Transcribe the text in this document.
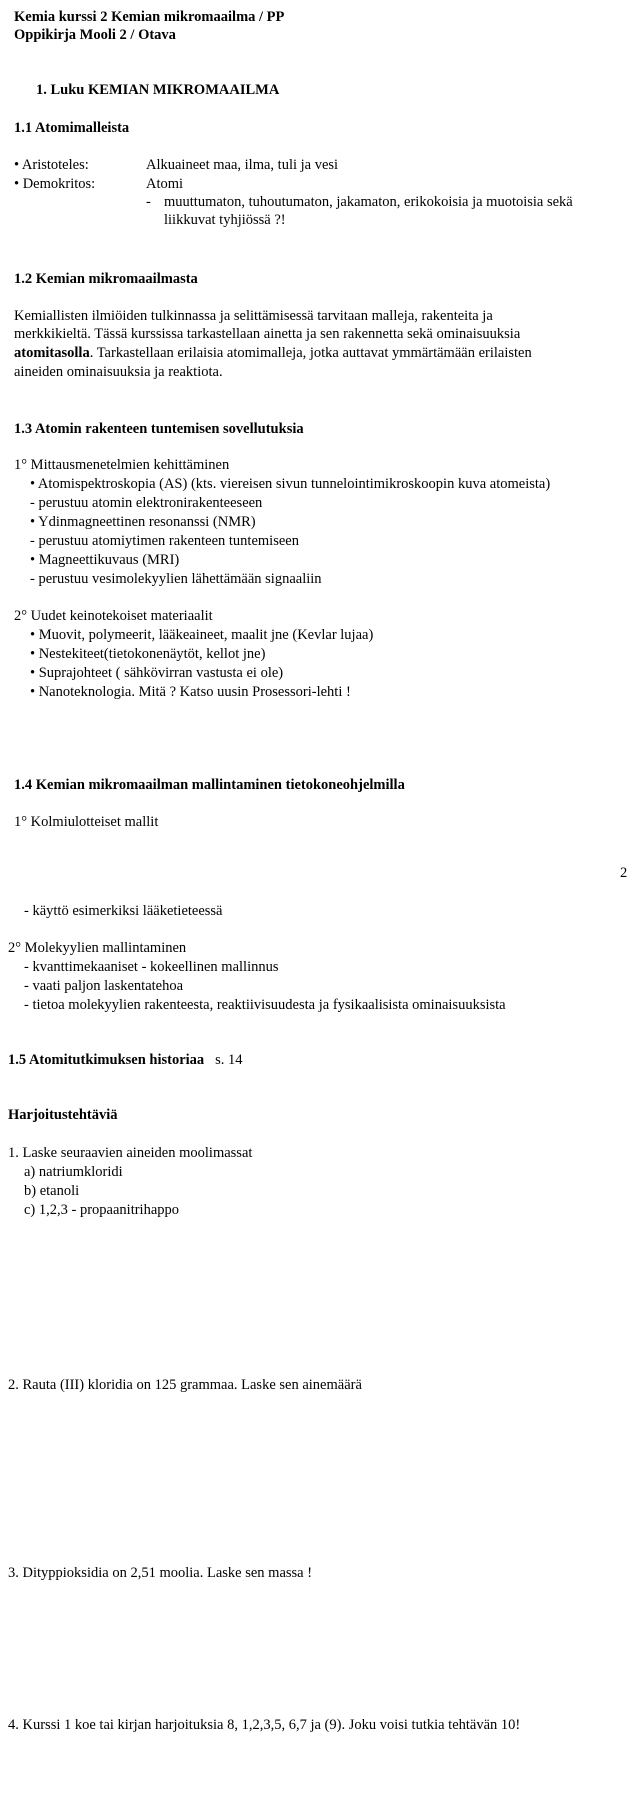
Kemia kurssi 2 Kemian mikromaailma / PP
Oppikirja Mooli 2 / Otava
1. Luku KEMIAN MIKROMAAILMA
1.1 Atomimalleista
• Aristoteles:	Alkuaineet maa, ilma, tuli ja vesi
• Demokritos:	Atomi
- muuttumaton, tuhoutumaton, jakamaton, erikokoisia ja muotoisia sekä
liikkuvat tyhjiössä ?!
1.2 Kemian mikromaailmasta
Kemiallisten ilmiöiden tulkinnassa ja selittämisessä tarvitaan malleja, rakenteita ja
merkkikieltä. Tässä kurssissa tarkastellaan ainetta ja sen rakennetta sekä ominaisuuksia
atomitasolla. Tarkastellaan erilaisia atomimalleja, jotka auttavat ymmärtämään erilaisten
aineiden ominaisuuksia ja reaktiota.
1.3 Atomin rakenteen tuntemisen sovellutuksia
1° Mittausmenetelmien kehittäminen
• Atomispektroskopia (AS) (kts. viereisen sivun tunnelointimikroskoopin kuva atomeista)
- perustuu atomin elektronirakenteeseen
• Ydinmagneettinen resonanssi (NMR)
- perustuu atomiytimen rakenteen tuntemiseen
• Magneettikuvaus (MRI)
- perustuu vesimolekyylien lähettämään signaaliin
2° Uudet keinotekoiset materiaalit
• Muovit, polymeerit, lääkeaineet, maalit jne (Kevlar lujaa)
• Nestekiteet(tietokonenäytöt, kellot jne)
• Suprajohteet ( sähkövirran vastusta ei ole)
• Nanoteknologia. Mitä ? Katso uusin Prosessori-lehti !
1.4 Kemian mikromaailman mallintaminen tietokoneohjelmilla
1° Kolmiulotteiset mallit
2
- käyttö esimerkiksi lääketieteessä
2° Molekyylien mallintaminen
- kvanttimekaaniset - kokeellinen mallinnus
- vaati paljon laskentatehoa
- tietoa molekyylien rakenteesta, reaktiivisuudesta ja fysikaalisista ominaisuuksista
1.5 Atomitutkimuksen historiaa s. 14
Harjoitustehtäviä
1. Laske seuraavien aineiden moolimassat
a) natriumkloridi
b) etanoli
c) 1,2,3 - propaanitrihappo
2. Rauta (III) kloridia on 125 grammaa. Laske sen ainemäärä
3. Dityppioksidia on 2,51 moolia. Laske sen massa !
4. Kurssi 1 koe tai kirjan harjoituksia 8, 1,2,3,5, 6,7 ja (9). Joku voisi tutkia tehtävän 10!
